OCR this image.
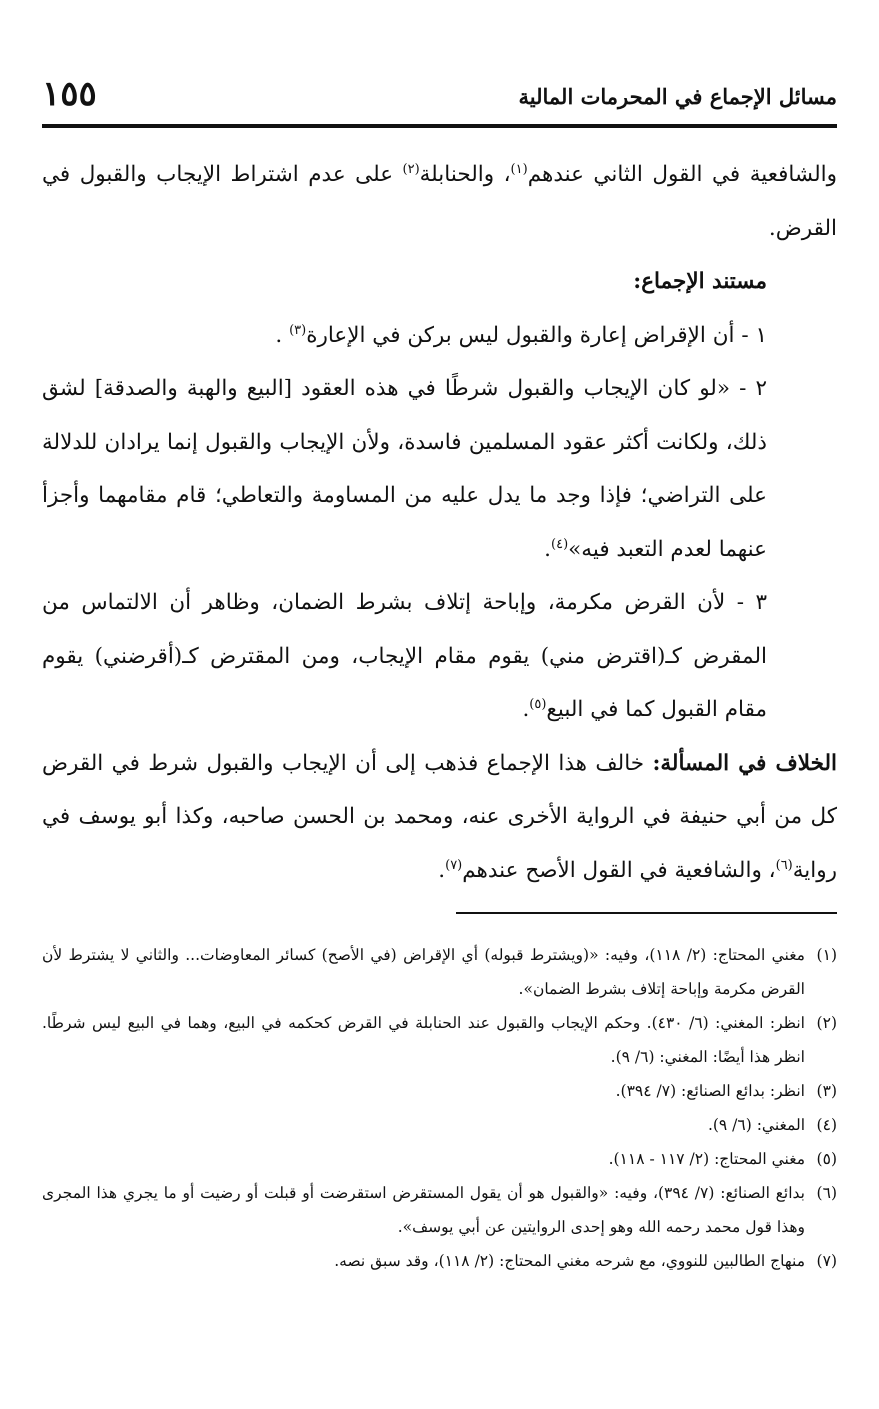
مسائل الإجماع في المحرمات المالية
١٥٥

والشافعية في القول الثاني عندهم$^{(١)}$، والحنابلة$^{(٢)}$ على عدم اشتراط الإيجاب والقبول في القرض.

مستند الإجماع:

١ - أن الإقراض إعارة والقبول ليس بركن في الإعارة$^{(٣)}$ .

٢ - «لو كان الإيجاب والقبول شرطًا في هذه العقود [البيع والهبة والصدقة] لشق ذلك، ولكانت أكثر عقود المسلمين فاسدة، ولأن الإيجاب والقبول إنما يرادان للدلالة على التراضي؛ فإذا وجد ما يدل عليه من المساومة والتعاطي؛ قام مقامهما وأجزأ عنهما لعدم التعبد فيه»$^{(٤)}$.

٣ - لأن القرض مكرمة، وإباحة إتلاف بشرط الضمان، وظاهر أن الالتماس من المقرض كـ(اقترض مني) يقوم مقام الإيجاب، ومن المقترض كـ(أقرضني) يقوم مقام القبول كما في البيع$^{(٥)}$.

الخلاف في المسألة: خالف هذا الإجماع فذهب إلى أن الإيجاب والقبول شرط في القرض كل من أبي حنيفة في الرواية الأخرى عنه، ومحمد بن الحسن صاحبه، وكذا أبو يوسف في رواية$^{(٦)}$، والشافعية في القول الأصح عندهم$^{(٧)}$.

(١)
مغني المحتاج: (٢/ ١١٨)، وفيه: «(ويشترط قبوله) أي الإقراض (في الأصح) كسائر المعاوضات... والثاني لا يشترط لأن القرض مكرمة وإباحة إتلاف بشرط الضمان».
(٢)
انظر: المغني: (٦/ ٤٣٠). وحكم الإيجاب والقبول عند الحنابلة في القرض كحكمه في البيع، وهما في البيع ليس شرطًا. انظر هذا أيضًا: المغني: (٦/ ٩).
(٣)
انظر: بدائع الصنائع: (٧/ ٣٩٤).
(٤)
المغني: (٦/ ٩).
(٥)
مغني المحتاج: (٢/ ١١٧ - ١١٨).
(٦)
بدائع الصنائع: (٧/ ٣٩٤)، وفيه: «والقبول هو أن يقول المستقرض استقرضت أو قبلت أو رضيت أو ما يجري هذا المجرى وهذا قول محمد رحمه الله وهو إحدى الروايتين عن أبي يوسف».
(٧)
منهاج الطالبين للنووي، مع شرحه مغني المحتاج: (٢/ ١١٨)، وقد سبق نصه.
